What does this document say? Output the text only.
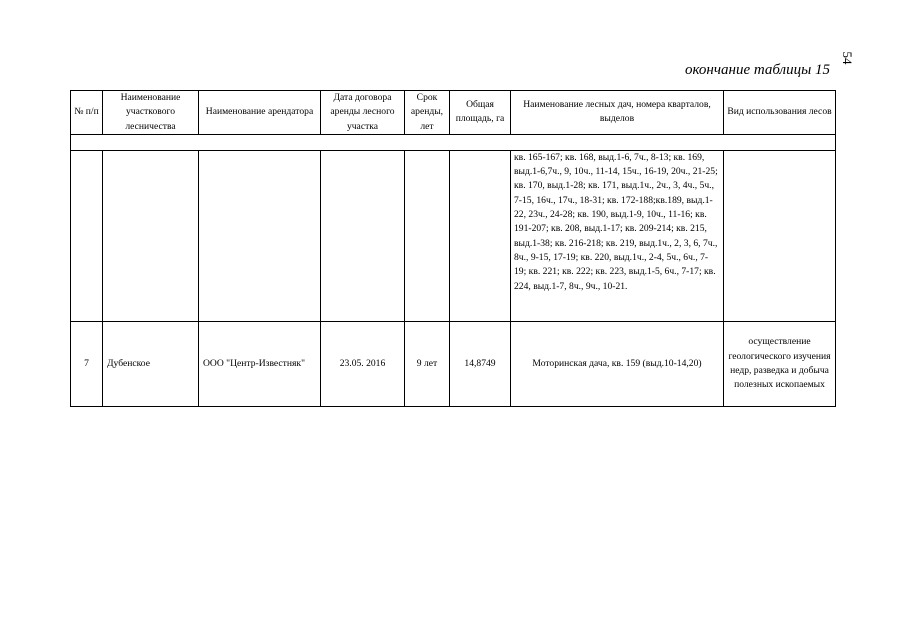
54
окончание таблицы 15
№ п/п	Наименование участкового лесничества	Наименование арендатора	Дата договора аренды лесного участка	Срок аренды, лет	Общая площадь, га	Наименование лесных дач, номера кварталов, выделов	Вид использования лесов

						кв. 165-167; кв. 168, выд.1-6, 7ч., 8-13; кв. 169, выд.1-6,7ч., 9, 10ч., 11-14, 15ч., 16-19, 20ч., 21-25; кв. 170, выд.1-28; кв. 171, выд.1ч., 2ч., 3, 4ч., 5ч., 7-15, 16ч., 17ч., 18-31; кв. 172-188;кв.189, выд.1-22, 23ч., 24-28; кв. 190, выд.1-9, 10ч., 11-16; кв. 191-207; кв. 208, выд.1-17; кв. 209-214; кв. 215, выд.1-38; кв. 216-218; кв. 219, выд.1ч., 2, 3, 6, 7ч., 8ч., 9-15, 17-19; кв. 220, выд.1ч., 2-4, 5ч., 6ч., 7-19; кв. 221; кв. 222; кв. 223, выд.1-5, 6ч., 7-17; кв. 224, выд.1-7, 8ч., 9ч., 10-21.	
7	Дубенское	ООО "Центр-Известняк"	23.05. 2016	9 лет	14,8749	Моторинская дача, кв. 159 (выд.10-14,20)	осуществление геологического изучения недр, разведка и добыча полезных ископаемых
